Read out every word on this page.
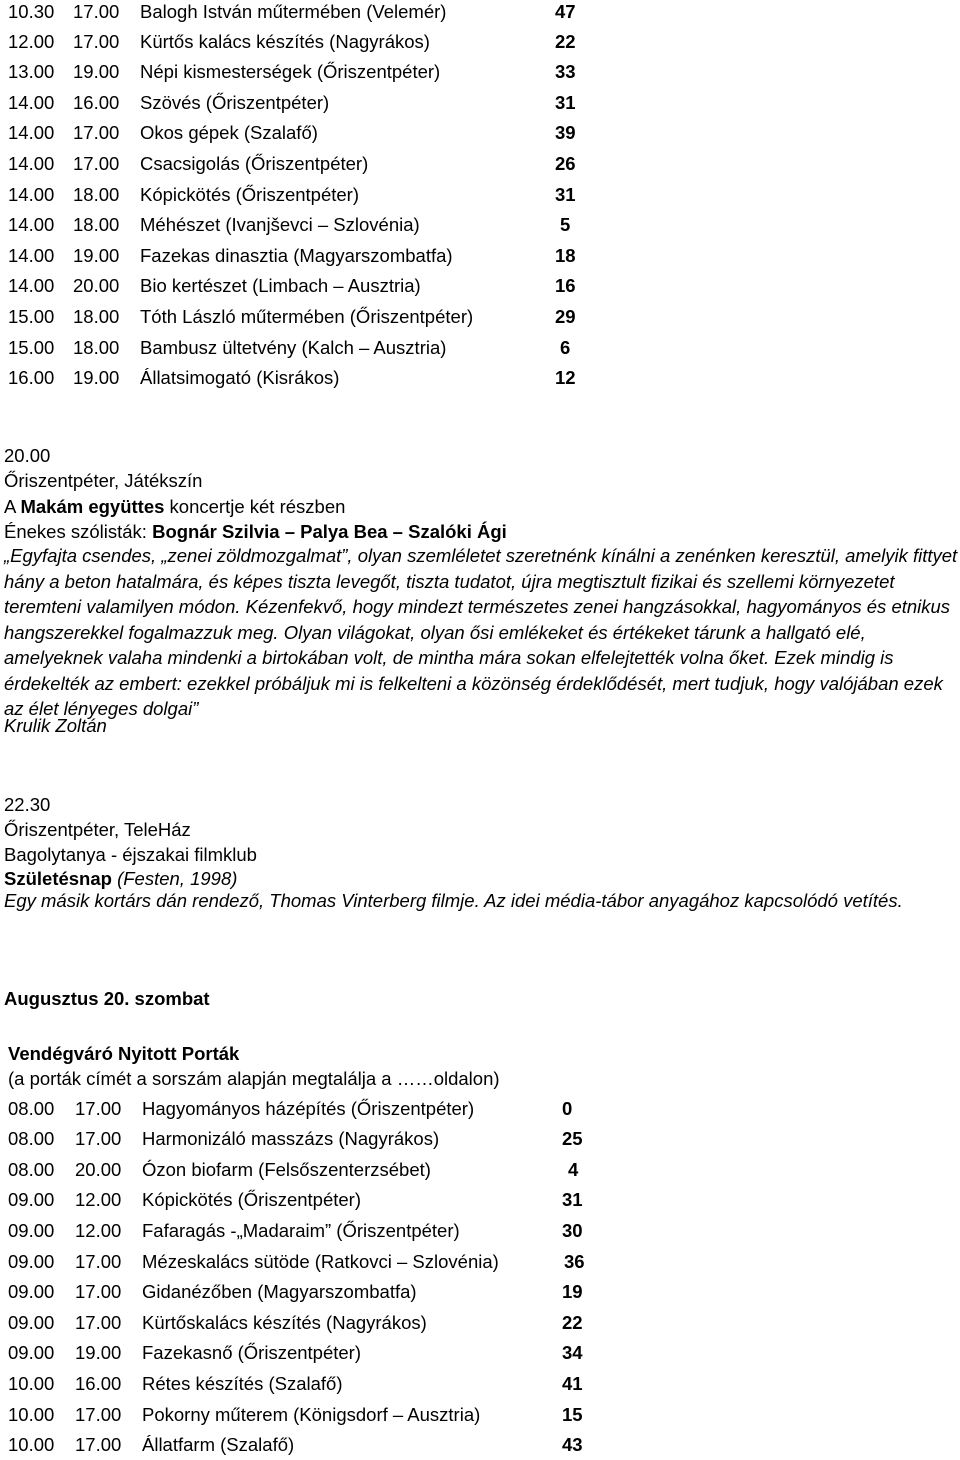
10.30 17.00 Balogh István műtermében (Velemér)	47
12.00 17.00 Kürtős kalács készítés (Nagyrákos)	22
13.00 19.00 Népi kismesterségek (Őriszentpéter)	33
14.00 16.00 Szövés (Őriszentpéter)	31
14.00 17.00 Okos gépek (Szalafő)	39
14.00 17.00 Csacsigolás (Őriszentpéter)	26
14.00 18.00 Kópickötés (Őriszentpéter)	31
14.00 18.00 Méhészet (Ivanjševci – Szlovénia)	5
14.00 19.00 Fazekas dinasztia (Magyarszombatfa)	18
14.00 20.00 Bio kertészet (Limbach – Ausztria)	16
15.00 18.00 Tóth László műtermében (Őriszentpéter)	29
15.00 18.00 Bambusz ültetvény (Kalch – Ausztria)	6
16.00 19.00 Állatsimogató (Kisrákos)	12
20.00
Őriszentpéter, Játékszín
A Makám együttes koncertje két részben
Énekes szólisták: Bognár Szilvia – Palya Bea – Szalóki Ági
„Egyfajta csendes, „zenei zöldmozgalmat”, olyan szemléletet szeretnénk kínálni a zenénken keresztül, amelyik fittyet hány a beton hatalmára, és képes tiszta levegőt, tiszta tudatot, újra megtisztult fizikai és szellemi környezetet teremteni valamilyen módon. Kézenfekvő, hogy mindezt természetes zenei hangzásokkal, hagyományos és etnikus hangszerekkel fogalmazzuk meg. Olyan világokat, olyan ősi emlékeket és értékeket tárunk a hallgató elé, amelyeknek valaha mindenki a birtokában volt, de mintha mára sokan elfelejtették volna őket. Ezek mindig is érdekelték az embert: ezekkel próbáljuk mi is felkelteni a közönség érdeklődését, mert tudjuk, hogy valójában ezek az élet lényeges dolgai”
Krulik Zoltán
22.30
Őriszentpéter, TeleHáz
Bagolytanya - éjszakai filmklub
Születésnap (Festen, 1998)
Egy másik kortárs dán rendező, Thomas Vinterberg filmje. Az idei média-tábor anyagához kapcsolódó vetítés.
Augusztus 20. szombat
Vendégváró Nyitott Porták
(a porták címét a sorszám alapján megtalálja a ……oldalon)
08.00 17.00 Hagyományos házépítés (Őriszentpéter)	0
08.00 17.00 Harmonizáló masszázs (Nagyrákos)	25
08.00 20.00 Ózon biofarm (Felsőszenterzsébet)	4
09.00 12.00 Kópickötés (Őriszentpéter)	31
09.00 12.00 Fafaragás -„Madaraim” (Őriszentpéter)	30
09.00 17.00 Mézeskalács sütöde (Ratkovci – Szlovénia)	36
09.00 17.00 Gidanézőben (Magyarszombatfa)	19
09.00 17.00 Kürtőskalács készítés (Nagyrákos)	22
09.00 19.00 Fazekasnő (Őriszentpéter)	34
10.00 16.00 Rétes készítés (Szalafő)	41
10.00 17.00 Pokorny műterem (Königsdorf – Ausztria)	15
10.00 17.00 Állatfarm (Szalafő)	43
